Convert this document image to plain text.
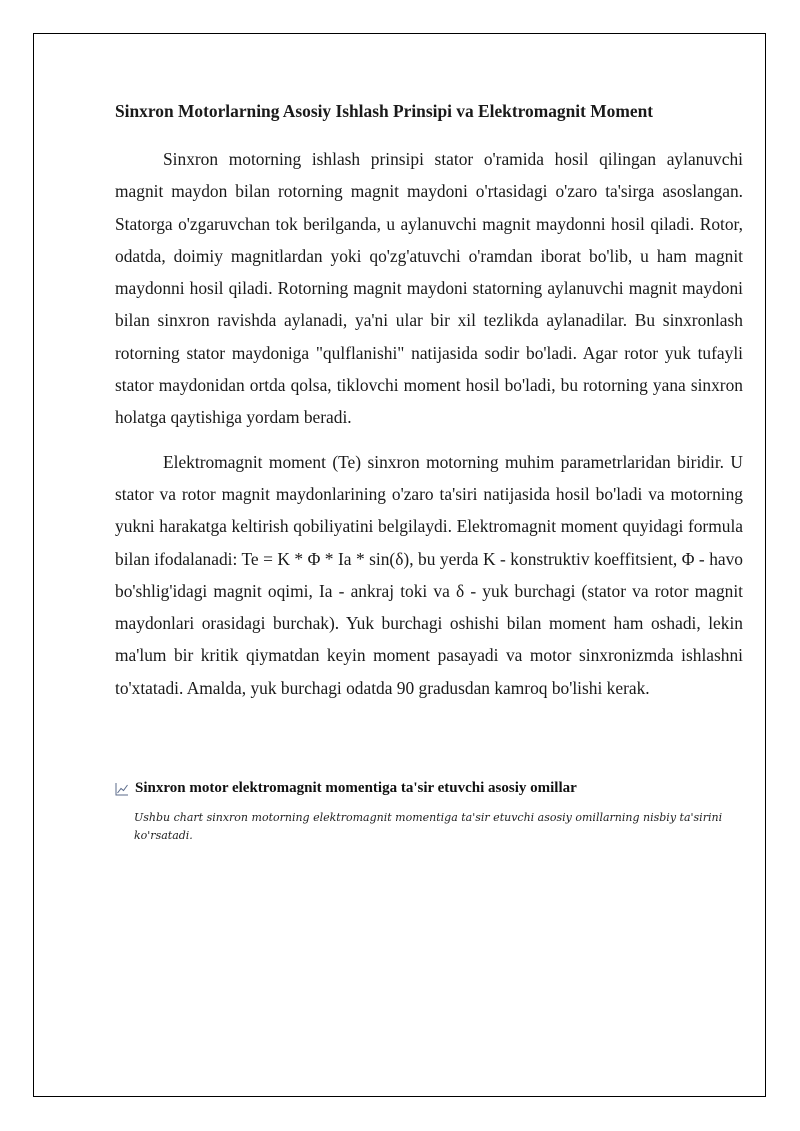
Sinxron Motorlarning Asosiy Ishlash Prinsipi va Elektromagnit Moment

Sinxron motorning ishlash prinsipi stator o'ramida hosil qilingan aylanuvchi magnit maydon bilan rotorning magnit maydoni o'rtasidagi o'zaro ta'sirga asoslangan. Statorga o'zgaruvchan tok berilganda, u aylanuvchi magnit maydonni hosil qiladi. Rotor, odatda, doimiy magnitlardan yoki qo'zg'atuvchi o'ramdan iborat bo'lib, u ham magnit maydonni hosil qiladi. Rotorning magnit maydoni statorning aylanuvchi magnit maydoni bilan sinxron ravishda aylanadi, ya'ni ular bir xil tezlikda aylanadilar. Bu sinxronlash rotorning stator maydoniga "qulflanishi" natijasida sodir bo'ladi. Agar rotor yuk tufayli stator maydonidan ortda qolsa, tiklovchi moment hosil bo'ladi, bu rotorning yana sinxron holatga qaytishiga yordam beradi.

Elektromagnit moment (Te) sinxron motorning muhim parametrlaridan biridir. U stator va rotor magnit maydonlarining o'zaro ta'siri natijasida hosil bo'ladi va motorning yukni harakatga keltirish qobiliyatini belgilaydi. Elektromagnit moment quyidagi formula bilan ifodalanadi: Te = K * Φ * Ia * sin(δ), bu yerda K - konstruktiv koeffitsient, Φ - havo bo'shlig'idagi magnit oqimi, Ia - ankraj toki va δ - yuk burchagi (stator va rotor magnit maydonlari orasidagi burchak). Yuk burchagi oshishi bilan moment ham oshadi, lekin ma'lum bir kritik qiymatdan keyin moment pasayadi va motor sinxronizmda ishlashni to'xtatadi. Amalda, yuk burchagi odatda 90 gradusdan kamroq bo'lishi kerak.

Sinxron motor elektromagnit momentiga ta'sir etuvchi asosiy omillar
Ushbu chart sinxron motorning elektromagnit momentiga ta'sir etuvchi asosiy omillarning nisbiy ta'sirini ko'rsatadi.
